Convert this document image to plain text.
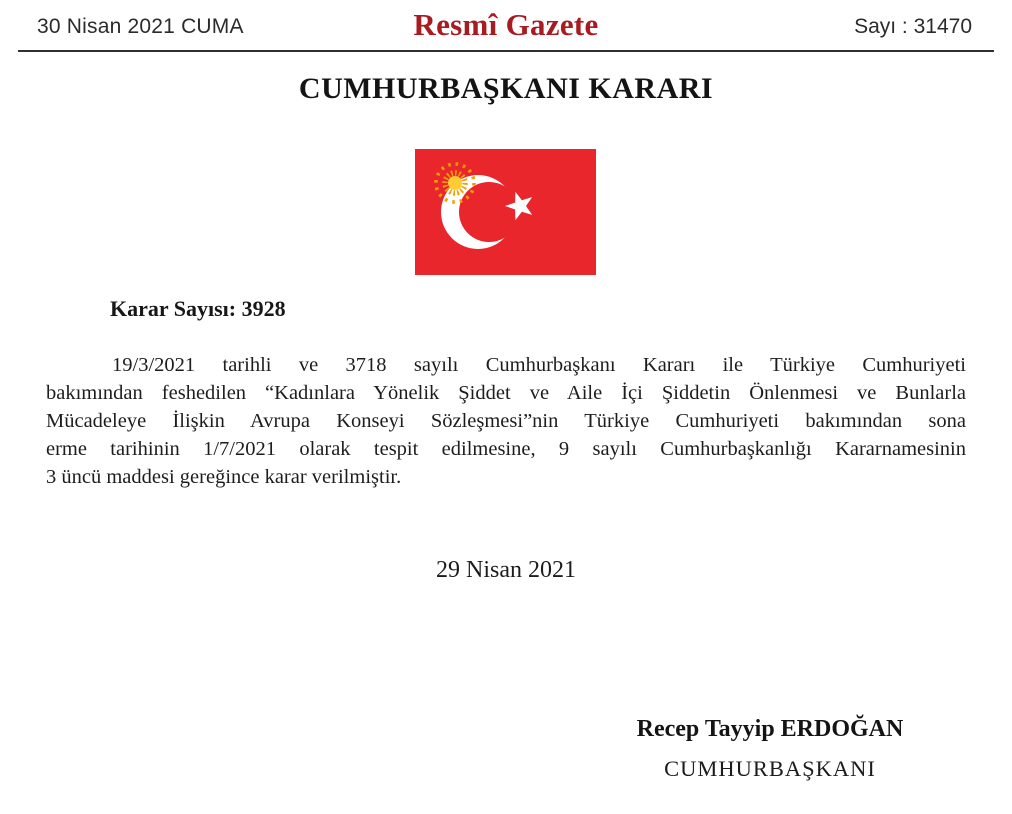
30 Nisan 2021 CUMA	Resmî Gazete	Sayı : 31470
CUMHURBAŞKANI KARARI
Karar Sayısı: 3928
19/3/2021 tarihli ve 3718 sayılı Cumhurbaşkanı Kararı ile Türkiye Cumhuriyeti
bakımından feshedilen “Kadınlara Yönelik Şiddet ve Aile İçi Şiddetin Önlenmesi ve Bunlarla
Mücadeleye İlişkin Avrupa Konseyi Sözleşmesi”nin Türkiye Cumhuriyeti bakımından sona
erme tarihinin 1/7/2021 olarak tespit edilmesine, 9 sayılı Cumhurbaşkanlığı Kararnamesinin
3 üncü maddesi gereğince karar verilmiştir.
29 Nisan 2021
Recep Tayyip ERDOĞAN
CUMHURBAŞKANI
